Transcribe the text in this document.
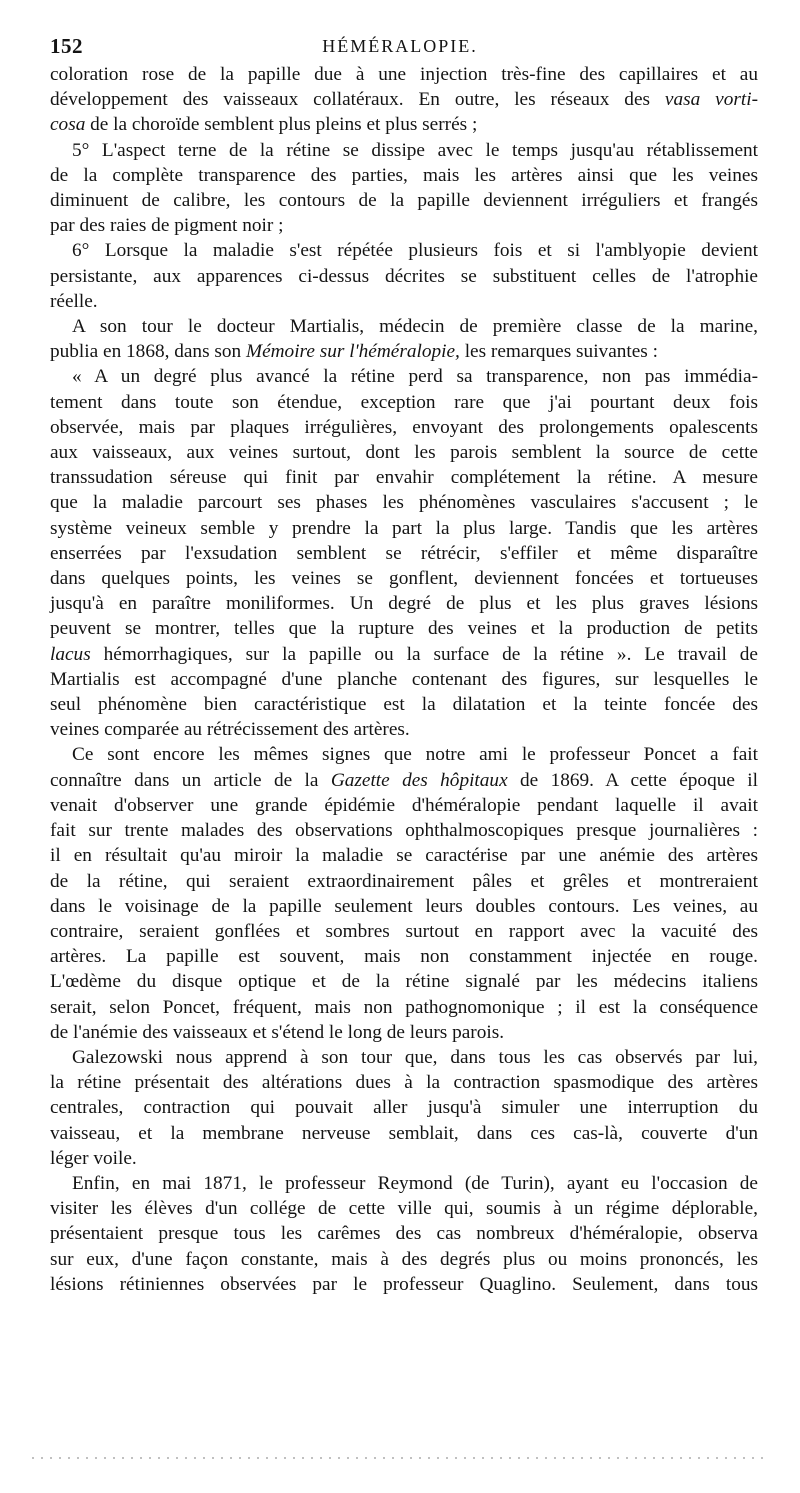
152	HÉMÉRALOPIE.
coloration rose de la papille due à une injection très-fine des capillaires et au
développement des vaisseaux collatéraux. En outre, les réseaux des vasa vorti-
cosa de la choroïde semblent plus pleins et plus serrés ;
5° L'aspect terne de la rétine se dissipe avec le temps jusqu'au rétablissement
de la complète transparence des parties, mais les artères ainsi que les veines
diminuent de calibre, les contours de la papille deviennent irréguliers et frangés
par des raies de pigment noir ;
6° Lorsque la maladie s'est répétée plusieurs fois et si l'amblyopie devient
persistante, aux apparences ci-dessus décrites se substituent celles de l'atrophie
réelle.
A son tour le docteur Martialis, médecin de première classe de la marine,
publia en 1868, dans son Mémoire sur l'héméralopie, les remarques suivantes :
« A un degré plus avancé la rétine perd sa transparence, non pas immédia-
tement dans toute son étendue, exception rare que j'ai pourtant deux fois
observée, mais par plaques irrégulières, envoyant des prolongements opalescents
aux vaisseaux, aux veines surtout, dont les parois semblent la source de cette
transsudation séreuse qui finit par envahir complétement la rétine. A mesure
que la maladie parcourt ses phases les phénomènes vasculaires s'accusent ; le
système veineux semble y prendre la part la plus large. Tandis que les artères
enserrées par l'exsudation semblent se rétrécir, s'effiler et même disparaître
dans quelques points, les veines se gonflent, deviennent foncées et tortueuses
jusqu'à en paraître moniliformes. Un degré de plus et les plus graves lésions
peuvent se montrer, telles que la rupture des veines et la production de petits
lacus hémorrhagiques, sur la papille ou la surface de la rétine ». Le travail de
Martialis est accompagné d'une planche contenant des figures, sur lesquelles le
seul phénomène bien caractéristique est la dilatation et la teinte foncée des
veines comparée au rétrécissement des artères.
Ce sont encore les mêmes signes que notre ami le professeur Poncet a fait
connaître dans un article de la Gazette des hôpitaux de 1869. A cette époque il
venait d'observer une grande épidémie d'héméralopie pendant laquelle il avait
fait sur trente malades des observations ophthalmoscopiques presque journalières :
il en résultait qu'au miroir la maladie se caractérise par une anémie des artères
de la rétine, qui seraient extraordinairement pâles et grêles et montreraient
dans le voisinage de la papille seulement leurs doubles contours. Les veines, au
contraire, seraient gonflées et sombres surtout en rapport avec la vacuité des
artères. La papille est souvent, mais non constamment injectée en rouge.
L'œdème du disque optique et de la rétine signalé par les médecins italiens
serait, selon Poncet, fréquent, mais non pathognomonique ; il est la conséquence
de l'anémie des vaisseaux et s'étend le long de leurs parois.
Galezowski nous apprend à son tour que, dans tous les cas observés par lui,
la rétine présentait des altérations dues à la contraction spasmodique des artères
centrales, contraction qui pouvait aller jusqu'à simuler une interruption du
vaisseau, et la membrane nerveuse semblait, dans ces cas-là, couverte d'un
léger voile.
Enfin, en mai 1871, le professeur Reymond (de Turin), ayant eu l'occasion de
visiter les élèves d'un collége de cette ville qui, soumis à un régime déplorable,
présentaient presque tous les carêmes des cas nombreux d'héméralopie, observa
sur eux, d'une façon constante, mais à des degrés plus ou moins prononcés, les
lésions rétiniennes observées par le professeur Quaglino. Seulement, dans tous
